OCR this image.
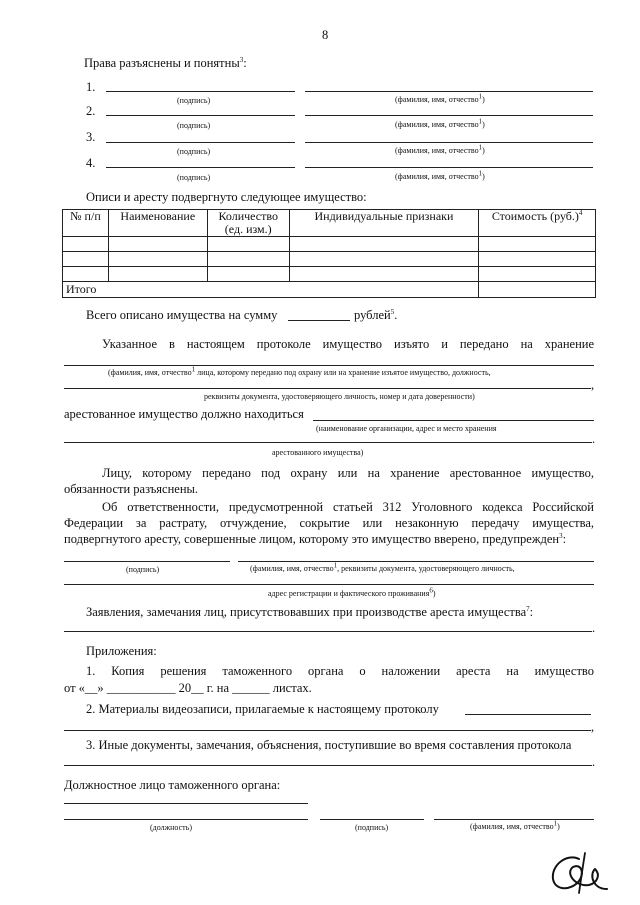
8
Права разъяснены и понятны$^3$:
1.
(подпись)	(фамилия, имя, отчество$^1$)
2.
(подпись)	(фамилия, имя, отчество$^1$)
3.
(подпись)	(фамилия, имя, отчество$^1$)
4.
(подпись)	(фамилия, имя, отчество$^1$)
Описи и аресту подвергнуто следующее имущество:
№ п/п	Наименование	Количество (ед. изм.)	Индивидуальные признаки	Стоимость $(руб.)^4$

Итого				
Всего описано имущества на сумму	рублей$^5$.
Указанное в настоящем протоколе имущество изъято и передано на хранение
(фамилия, имя, отчество$^1$ лица, которому передано под охрану или на хранение изъятое имущество, должность,
,
реквизиты документа, удостоверяющего личность, номер и дата доверенности)
арестованное имущество должно находиться
(наименование организации, адрес и место хранения
.
арестованного имущества)
Лицу, которому передано под охрану или на хранение арестованное имущество,
обязанности разъяснены.
Об ответственности, предусмотренной статьей 312 Уголовного кодекса Российской
Федерации за растрату, отчуждение, сокрытие или незаконную передачу имущества,
подвергнутого аресту, совершенные лицом, которому это имущество вверено, предупрежден$^3$:
(подпись)	(фамилия, имя, отчество$^1$, реквизиты документа, удостоверяющего личность,
адрес регистрации и фактического проживания$^6$)
Заявления, замечания лиц, присутствовавших при производстве ареста имущества$^7$:
.
Приложения:
1. Копия решения таможенного органа о наложении ареста на имущество
от «__» ___________ 20__ г. на ______ листах.
2. Материалы видеозаписи, прилагаемые к настоящему протоколу
,
3. Иные документы, замечания, объяснения, поступившие во время составления протокола
.
Должностное лицо таможенного органа:
(должность)	(подпись)	(фамилия, имя, отчество$^1$)
